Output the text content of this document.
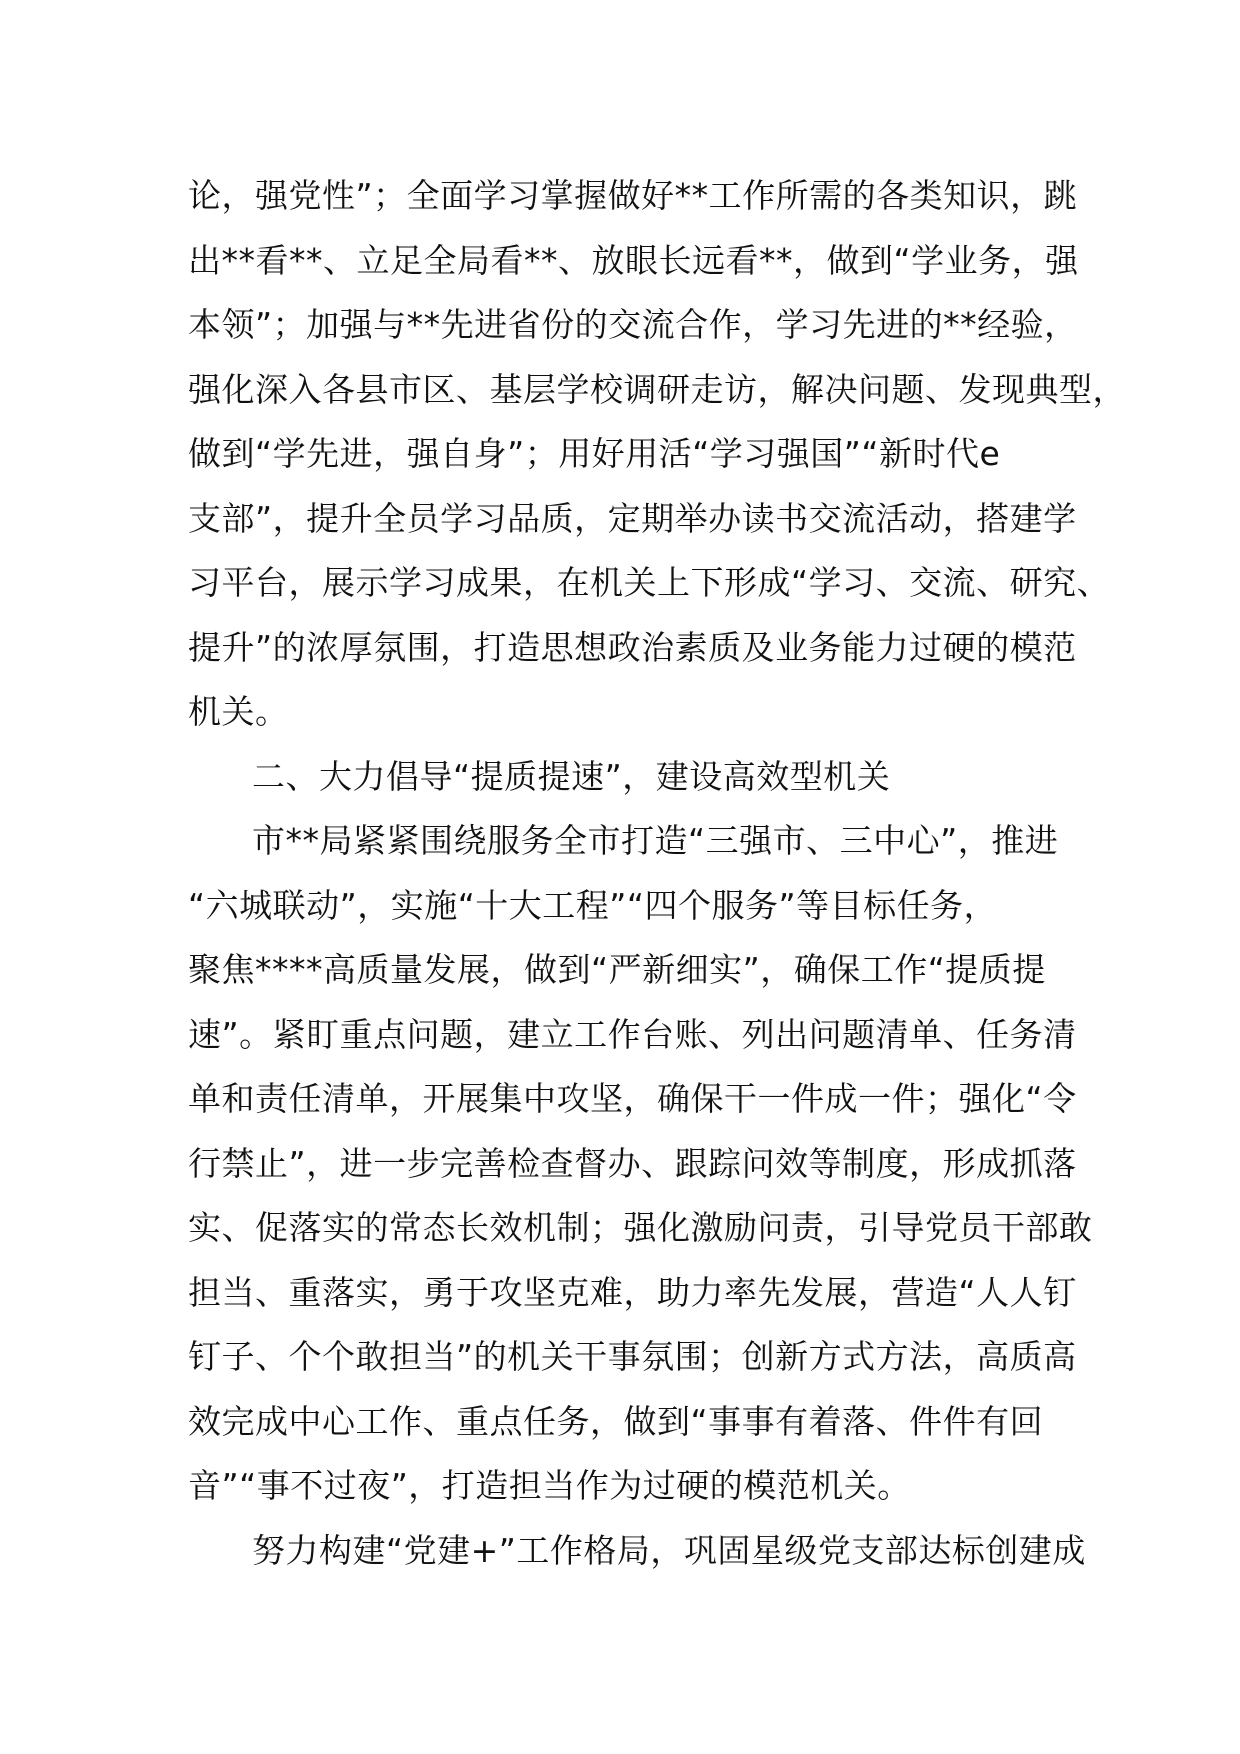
论，强党性”；全面学习掌握做好**工作所需的各类知识，跳
出**看**、立足全局看**、放眼长远看**，做到“学业务，强
本领”；加强与**先进省份的交流合作，学习先进的**经验，
强化深入各县市区、基层学校调研走访，解决问题、发现典型，
做到“学先进，强自身”；用好用活“学习强国”“新时代e
支部”，提升全员学习品质，定期举办读书交流活动，搭建学
习平台，展示学习成果，在机关上下形成“学习、交流、研究、
提升”的浓厚氛围，打造思想政治素质及业务能力过硬的模范
机关。
二、大力倡导“提质提速”，建设高效型机关
市**局紧紧围绕服务全市打造“三强市、三中心”，推进
“六城联动”，实施“十大工程”“四个服务”等目标任务，
聚焦****高质量发展，做到“严新细实”，确保工作“提质提
速”。紧盯重点问题，建立工作台账、列出问题清单、任务清
单和责任清单，开展集中攻坚，确保干一件成一件；强化“令
行禁止”，进一步完善检查督办、跟踪问效等制度，形成抓落
实、促落实的常态长效机制；强化激励问责，引导党员干部敢
担当、重落实，勇于攻坚克难，助力率先发展，营造“人人钉
钉子、个个敢担当”的机关干事氛围；创新方式方法，高质高
效完成中心工作、重点任务，做到“事事有着落、件件有回
音”“事不过夜”，打造担当作为过硬的模范机关。
努力构建“党建+”工作格局，巩固星级党支部达标创建成
